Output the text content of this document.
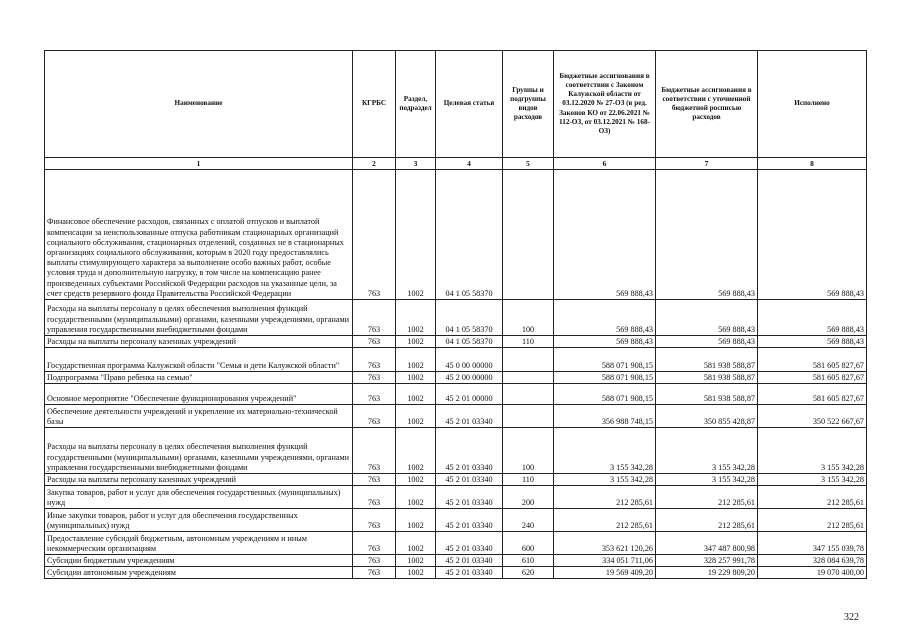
Наименование	КГРБС	Раздел, подраздел	Целевая статья	Группы и подгруппы видов расходов	Бюджетные ассигнования в соответствии с Законом Калужской области от 03.12.2020 № 27-ОЗ (в ред. Законов КО от 22.06.2021 № 112-ОЗ, от 03.12.2021 № 168-ОЗ)	Бюджетные ассигнования в соответствии с уточненной бюджетной росписью расходов	Исполнено
1	2	3	4	5	6	7	8
Финансовое обеспечение расходов, связанных с оплатой отпусков и выплатой компенсации за неиспользованные отпуска работникам стационарных организаций социального обслуживания, стационарных отделений, созданных не в стационарных организациях социального обслуживания, которым в 2020 году предоставлялись выплаты стимулирующего характера за выполнение особо важных работ, особые условия труда и дополнительную нагрузку, в том числе на компенсацию ранее произведенных субъектами Российской Федерации расходов на указанные цели, за счет средств резервного фонда Правительства Российской Федерации	763	1002	04 1 05 58370		569 888,43	569 888,43	569 888,43
Расходы на выплаты персоналу в целях обеспечения выполнения функций государственными (муниципальными) органами, казенными учреждениями, органами управления государственными внебюджетными фондами	763	1002	04 1 05 58370	100	569 888,43	569 888,43	569 888,43
Расходы на выплаты персоналу казенных учреждений	763	1002	04 1 05 58370	110	569 888,43	569 888,43	569 888,43
Государственная программа Калужской области "Семья и дети Калужской области"	763	1002	45 0 00 00000		588 071 908,15	581 938 588,87	581 605 827,67
Подпрограмма "Право ребенка на семью"	763	1002	45 2 00 00000		588 071 908,15	581 938 588,87	581 605 827,67
Основное мероприятие "Обеспечение функционирования учреждений"	763	1002	45 2 01 00000		588 071 908,15	581 938 588,87	581 605 827,67
Обеспечение деятельности учреждений и укрепление их материально-технической базы	763	1002	45 2 01 03340		356 988 748,15	350 855 428,87	350 522 667,67
Расходы на выплаты персоналу в целях обеспечения выполнения функций государственными (муниципальными) органами, казенными учреждениями, органами управления государственными внебюджетными фондами	763	1002	45 2 01 03340	100	3 155 342,28	3 155 342,28	3 155 342,28
Расходы на выплаты персоналу казенных учреждений	763	1002	45 2 01 03340	110	3 155 342,28	3 155 342,28	3 155 342,28
Закупка товаров, работ и услуг для обеспечения государственных (муниципальных) нужд	763	1002	45 2 01 03340	200	212 285,61	212 285,61	212 285,61
Иные закупки товаров, работ и услуг для обеспечения государственных (муниципальных) нужд	763	1002	45 2 01 03340	240	212 285,61	212 285,61	212 285,61
Предоставление субсидий бюджетным, автономным учреждениям и иным некоммерческим организациям	763	1002	45 2 01 03340	600	353 621 120,26	347 487 800,98	347 155 039,78
Субсидии бюджетным учреждениям	763	1002	45 2 01 03340	610	334 051 711,06	328 257 991,78	328 084 639,78
Субсидии автономным учреждениям	763	1002	45 2 01 03340	620	19 569 409,20	19 229 809,20	19 070 400,00
322
